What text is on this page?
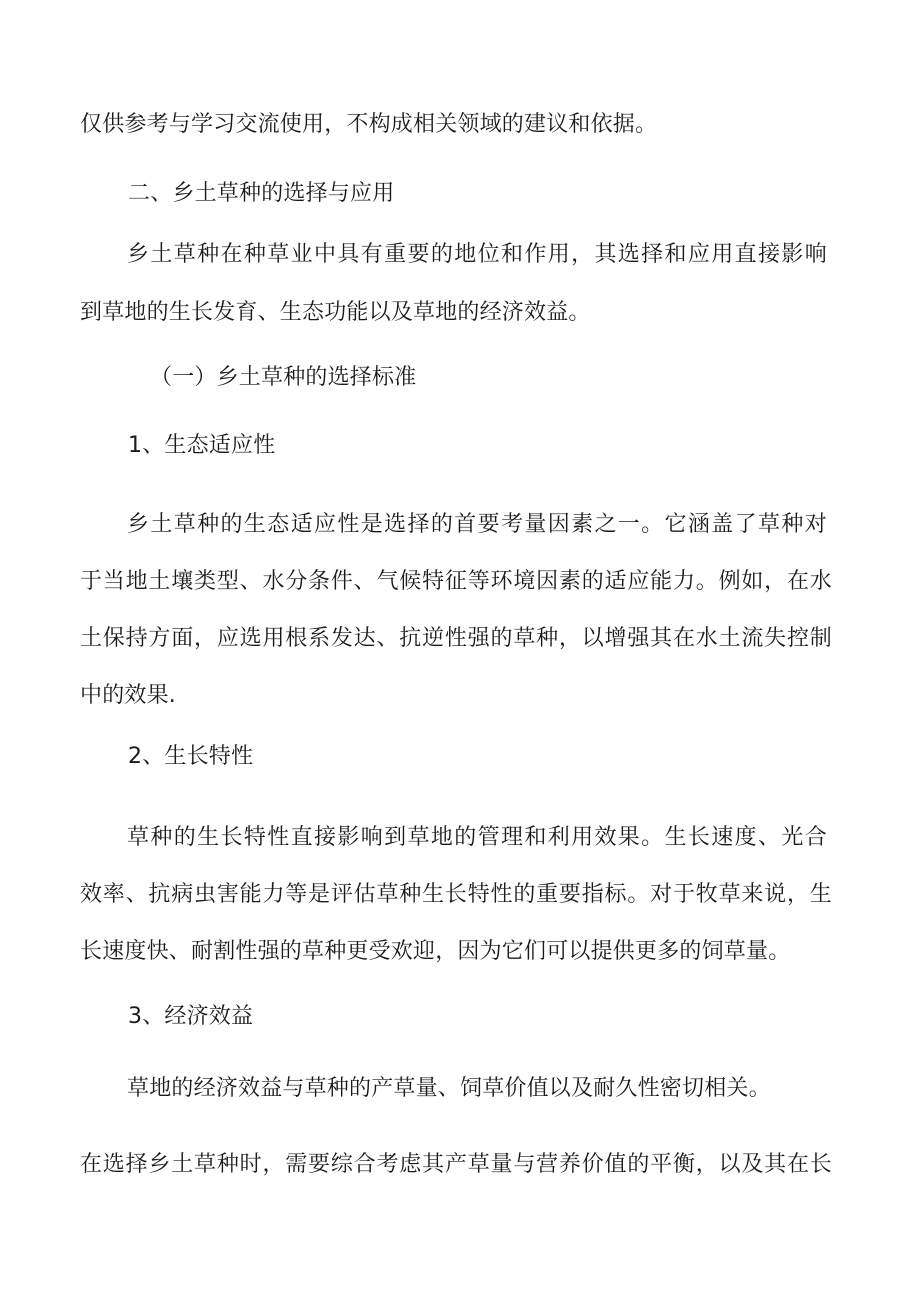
仅供参考与学习交流使用，不构成相关领域的建议和依据。
二、乡土草种的选择与应用
乡土草种在种草业中具有重要的地位和作用，其选择和应用直接影响
到草地的生长发育、生态功能以及草地的经济效益。
（一）乡土草种的选择标准
1、生态适应性
乡土草种的生态适应性是选择的首要考量因素之一。它涵盖了草种对
于当地土壤类型、水分条件、气候特征等环境因素的适应能力。例如，在水
土保持方面，应选用根系发达、抗逆性强的草种，以增强其在水土流失控制
中的效果.
2、生长特性
草种的生长特性直接影响到草地的管理和利用效果。生长速度、光合
效率、抗病虫害能力等是评估草种生长特性的重要指标。对于牧草来说，生
长速度快、耐割性强的草种更受欢迎，因为它们可以提供更多的饲草量。
3、经济效益
草地的经济效益与草种的产草量、饲草价值以及耐久性密切相关。
在选择乡土草种时，需要综合考虑其产草量与营养价值的平衡，以及其在长
